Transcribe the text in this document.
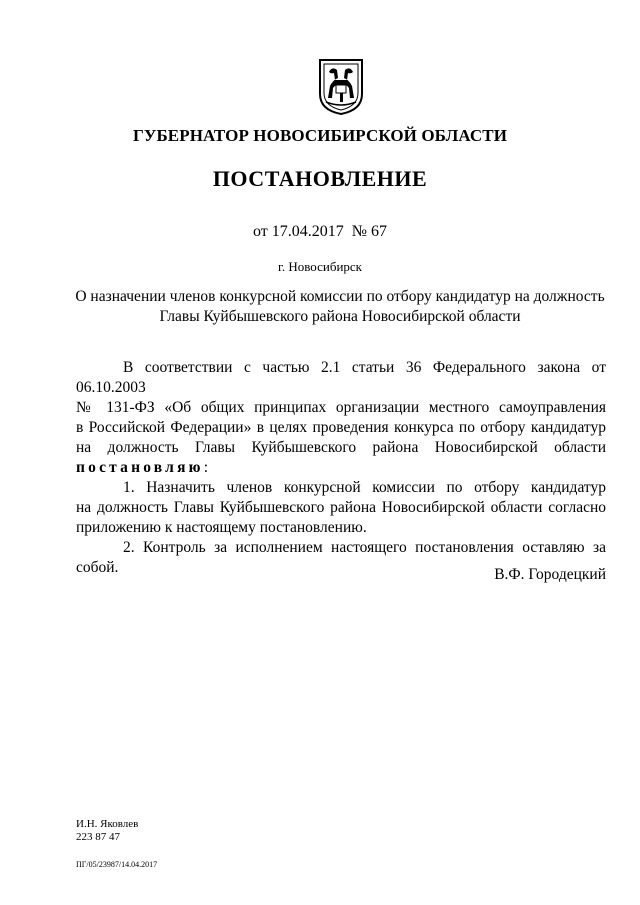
ГУБЕРНАТОР НОВОСИБИРСКОЙ ОБЛАСТИ
ПОСТАНОВЛЕНИЕ
от 17.04.2017 № 67
г. Новосибирск
О назначении членов конкурсной комиссии по отбору кандидатур на должность
Главы Куйбышевского района Новосибирской области

В соответствии с частью 2.1 статьи 36 Федерального закона от 06.10.2003

№ 131-ФЗ «Об общих принципах организации местного самоуправления

в Российской Федерации» в целях проведения конкурса по отбору кандидатур

на должность Главы Куйбышевского района Новосибирской области

постановляю:

1. Назначить членов конкурсной комиссии по отбору кандидатур

на должность Главы Куйбышевского района Новосибирской области согласно

приложению к настоящему постановлению.

2. Контроль за исполнением настоящего постановления оставляю за собой.	В.Ф. Городецкий
И.Н. Яковлев
223 87 47
ПГ/05/23987/14.04.2017
